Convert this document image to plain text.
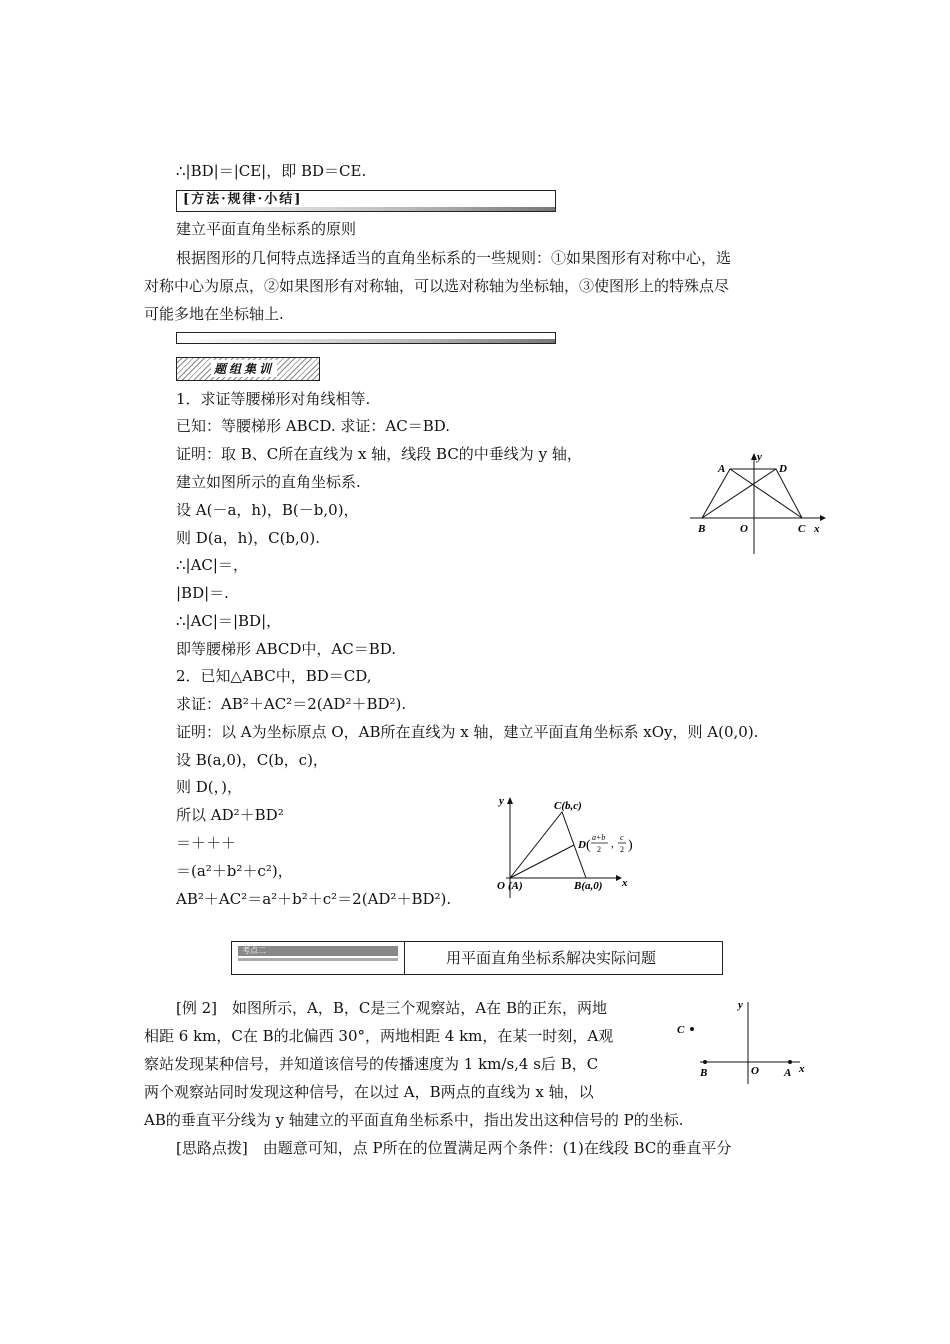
∴|BD|＝|CE|，即 BD＝CE.
[方法·规律·小结]
建立平面直角坐标系的原则
根据图形的几何特点选择适当的直角坐标系的一些规则：①如果图形有对称中心，选
对称中心为原点，②如果图形有对称轴，可以选对称轴为坐标轴，③使图形上的特殊点尽
可能多地在坐标轴上.
题组集训
1．求证等腰梯形对角线相等.
已知：等腰梯形 ABCD. 求证：AC＝BD.
证明：取 B、C所在直线为 x 轴，线段 BC的中垂线为 y 轴，
建立如图所示的直角坐标系.
设 A(－a，h)，B(－b,0)，
则 D(a，h)，C(b,0).
∴|AC|＝，
|BD|＝.
∴|AC|＝|BD|，
即等腰梯形 ABCD中，AC＝BD.
2．已知△ABC中，BD＝CD,
求证：AB²＋AC²＝2(AD²＋BD²).
证明：以 A为坐标原点 O，AB所在直线为 x 轴，建立平面直角坐标系 xOy，则 A(0,0).
设 B(a,0)，C(b，c)，
则 D(，)，
所以 AD²＋BD²
＝＋＋＋
＝(a²＋b²＋c²)，
AB²＋AC²＝a²＋b²＋c²＝2(AD²＋BD²).
考点二	用平面直角坐标系解决实际问题
[例 2]　如图所示，A，B，C是三个观察站，A在 B的正东，两地
相距 6 km，C在 B的北偏西 30°，两地相距 4 km，在某一时刻，A观
察站发现某种信号，并知道该信号的传播速度为 1 km/s,4 s后 B，C
两个观察站同时发现这种信号，在以过 A，B两点的直线为 x 轴，以
AB的垂直平分线为 y 轴建立的平面直角坐标系中，指出发出这种信号的 P的坐标.
[思路点拨]　由题意可知，点 P所在的位置满足两个条件：(1)在线段 BC的垂直平分
y
A	D
B	O	C x
y	C(b,c)
D
a+b
2
c
2
( , )
O (A)	B(a,0) x
y
C
B	O A x
